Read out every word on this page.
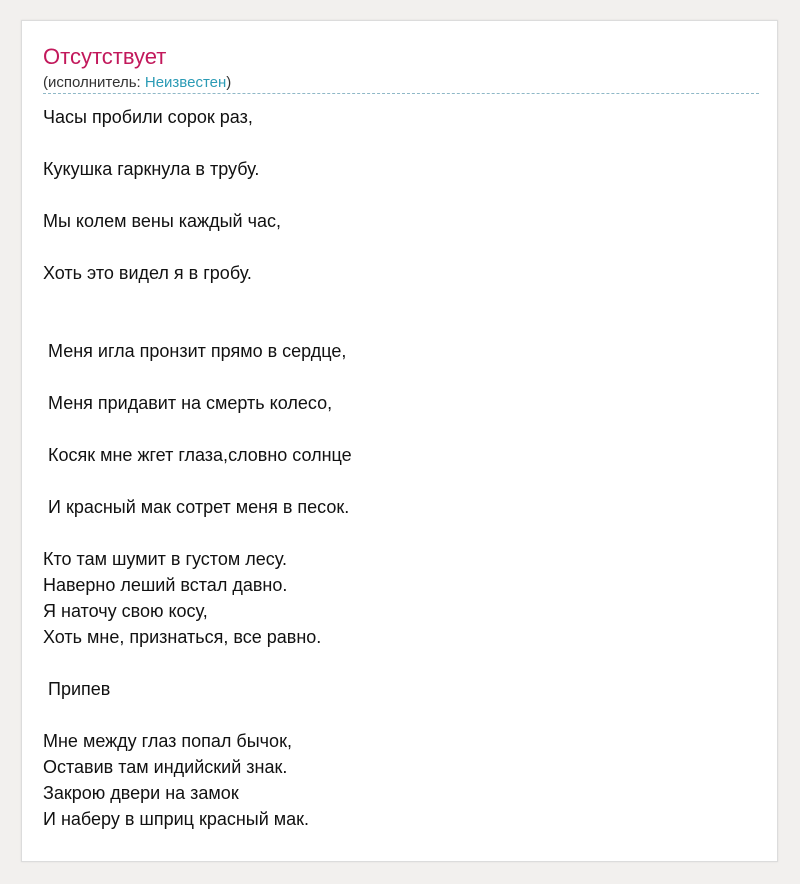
Отсутствует
(исполнитель: Неизвестен)
Часы пробили сорок раз,

Кукушка гаркнула в трубу.

Мы колем вены каждый час,

Хоть это видел я в гробу.

Меня игла пронзит прямо в сердце,

Меня придавит на смерть колесо,

Косяк мне жгет глаза,словно солнце

И красный мак сотрет меня в песок.

Кто там шумит в густом лесу.
Наверно леший встал давно.
Я наточу свою косу,
Хоть мне, признаться, все равно.

Припев

Мне между глаз попал бычок,
Оставив там индийский знак.
Закрою двери на замок
И наберу в шприц красный мак.
